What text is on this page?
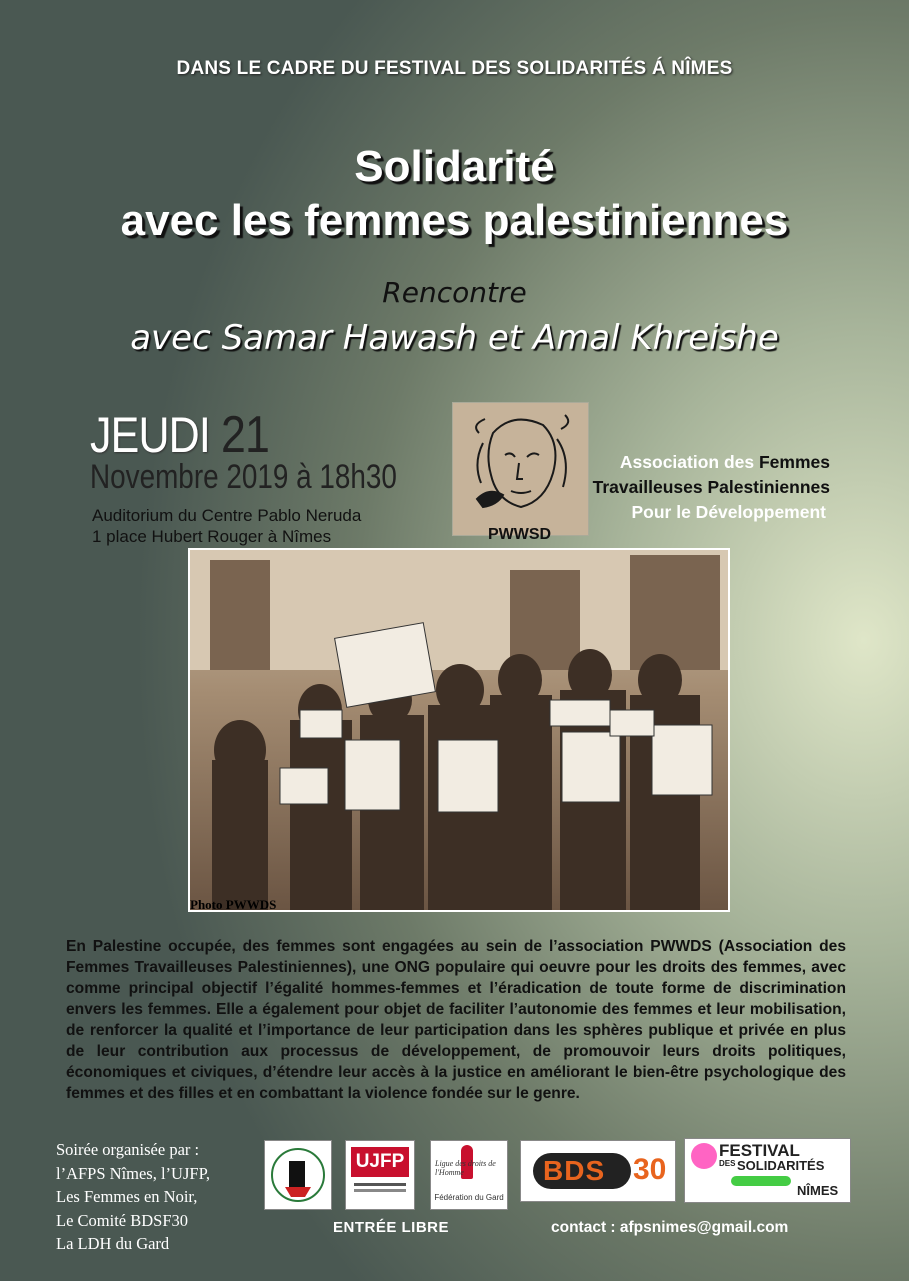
DANS LE CADRE DU FESTIVAL DES SOLIDARITÉS Á NÎMES
Solidarité
avec les femmes palestiniennes
Rencontre
avec Samar Hawash et Amal Khreishe
JEUDI 21
Novembre 2019 à 18h30
Auditorium du Centre Pablo Neruda
1 place Hubert Rouger à Nîmes	PWWSD
Association des Femmes
Travailleuses Palestiniennes
Pour le Développement
Photo PWWDS
En Palestine occupée, des femmes sont engagées au sein de l’association PWWDS (Association des Femmes Travailleuses Palestiniennes), une ONG populaire qui oeuvre pour les droits des femmes, avec comme principal objectif l’égalité hommes-femmes et l’éradication de toute forme de discrimination envers les femmes. Elle a également pour objet de faciliter l’autonomie des femmes et leur mobilisation, de renforcer la qualité et l’importance de leur participation dans les sphères publique et privée en plus de leur contribution aux processus de développement, de promouvoir leurs droits politiques, économiques et civiques, d’étendre leur accès à la justice en améliorant le bien-être psychologique des femmes et des filles et en combattant la violence fondée sur le genre.
Soirée organisée par :
l’AFPS Nîmes, l’UJFP,
Les Femmes en Noir,
Le Comité BDSF30
La LDH du Gard
UJFP	Ligue des droits de l'Homme
Fédération du Gard
BDS 30
FESTIVAL
DES SOLIDARITÉS
NÎMES
ENTRÉE LIBRE	contact : afpsnimes@gmail.com
